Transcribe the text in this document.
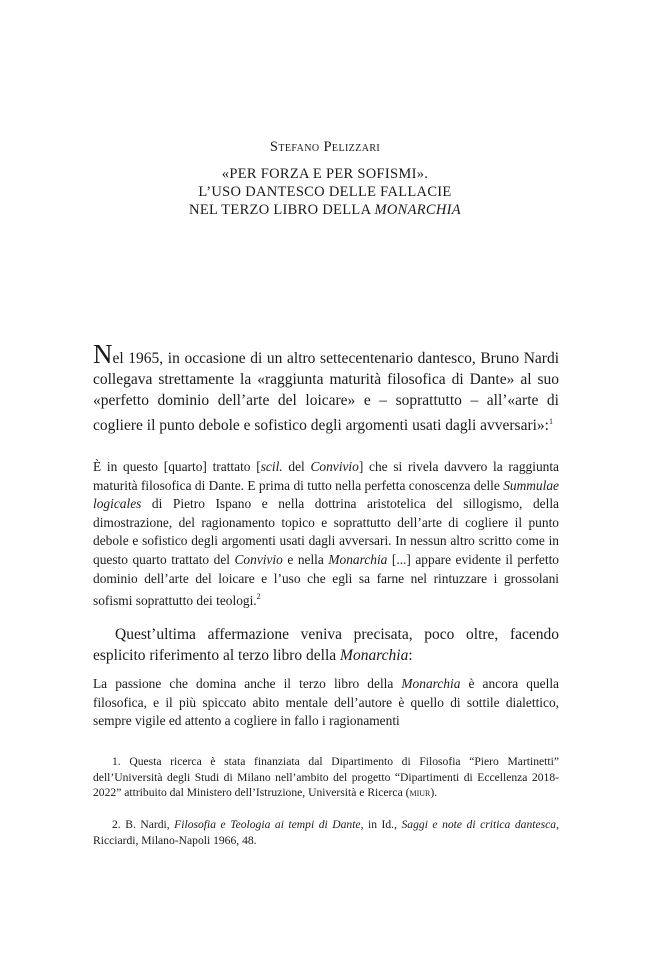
Stefano Pelizzari
«PER FORZA E PER SOFISMI».
L’USO DANTESCO DELLE FALLACIE
NEL TERZO LIBRO DELLA MONARCHIA
Nel 1965, in occasione di un altro settecentenario dantesco, Bruno Nardi collegava strettamente la «raggiunta maturità filosofica di Dante» al suo «perfetto dominio dell’arte del loicare» e – soprattutto – all’«arte di cogliere il punto debole e sofistico degli argomenti usati dagli avversari»:$^1$
È in questo [quarto] trattato [scil. del Convivio] che si rivela davvero la raggiunta maturità filosofica di Dante. E prima di tutto nella perfetta conoscenza delle Summulae logicales di Pietro Ispano e nella dottrina aristotelica del sillogismo, della dimostrazione, del ragionamento topico e soprattutto dell’arte di cogliere il punto debole e sofistico degli argomenti usati dagli avversari. In nessun altro scritto come in questo quarto trattato del Convivio e nella Monarchia [...] appare evidente il perfetto dominio dell’arte del loicare e l’uso che egli sa farne nel rintuzzare i grossolani sofismi soprattutto dei teologi.$^2$
Quest’ultima affermazione veniva precisata, poco oltre, facendo esplicito riferimento al terzo libro della Monarchia:
La passione che domina anche il terzo libro della Monarchia è ancora quella filosofica, e il più spiccato abito mentale dell’autore è quello di sottile dialettico, sempre vigile ed attento a cogliere in fallo i ragionamenti
1. Questa ricerca è stata finanziata dal Dipartimento di Filosofia “Piero Martinetti” dell’Università degli Studi di Milano nell’ambito del progetto “Dipartimenti di Eccellenza 2018-2022” attribuito dal Ministero dell’Istruzione, Università e Ricerca (miur).
2. B. Nardi, Filosofia e Teologia ai tempi di Dante, in Id., Saggi e note di critica dantesca, Ricciardi, Milano-Napoli 1966, 48.
